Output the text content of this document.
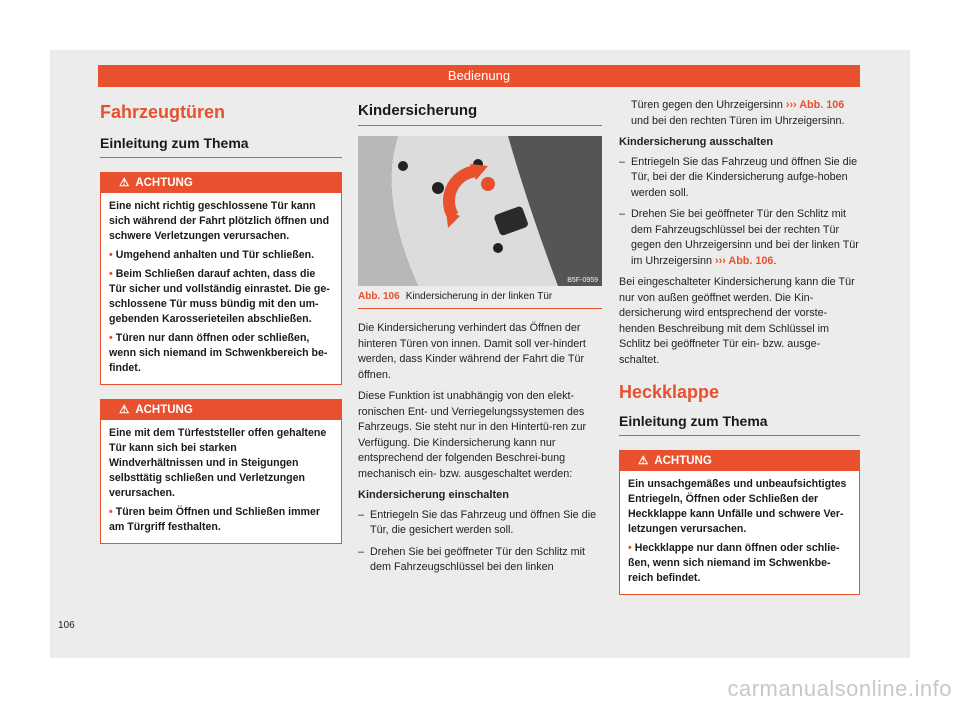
Bedienung
Fahrzeugtüren
Einleitung zum Thema
⚠ ACHTUNG

Eine nicht richtig geschlossene Tür kann sich während der Fahrt plötzlich öffnen und schwere Verletzungen verursachen.

• Umgehend anhalten und Tür schließen.

• Beim Schließen darauf achten, dass die Tür sicher und vollständig einrastet. Die ge-schlossene Tür muss bündig mit den um-gebenden Karosserieteilen abschließen.

• Türen nur dann öffnen oder schließen, wenn sich niemand im Schwenkbereich be-findet.

⚠ ACHTUNG

Eine mit dem Türfeststeller offen gehaltene Tür kann sich bei starken Windverhältnissen und in Steigungen selbsttätig schließen und Verletzungen verursachen.

• Türen beim Öffnen und Schließen immer am Türgriff festhalten.

Kindersicherung
B5F-0959
Abb. 106 Kindersicherung in der linken Tür

Die Kindersicherung verhindert das Öffnen der hinteren Türen von innen. Damit soll ver-hindert werden, dass Kinder während der Fahrt die Tür öffnen.

Diese Funktion ist unabhängig von den elekt-ronischen Ent- und Verriegelungssystemen des Fahrzeugs. Sie steht nur in den Hintertü-ren zur Verfügung. Die Kindersicherung kann nur entsprechend der folgenden Beschrei-bung mechanisch ein- bzw. ausgeschaltet werden:

Kindersicherung einschalten
– Entriegeln Sie das Fahrzeug und öffnen Sie die Tür, die gesichert werden soll.
– Drehen Sie bei geöffneter Tür den Schlitz mit dem Fahrzeugschlüssel bei den linken
Türen gegen den Uhrzeigersinn ››› Abb. 106 und bei den rechten Türen im Uhrzeigersinn.
Kindersicherung ausschalten
– Entriegeln Sie das Fahrzeug und öffnen Sie die Tür, bei der die Kindersicherung aufge-hoben werden soll.
– Drehen Sie bei geöffneter Tür den Schlitz mit dem Fahrzeugschlüssel bei der rechten Tür gegen den Uhrzeigersinn und bei der linken Tür im Uhrzeigersinn ››› Abb. 106.

Bei eingeschalteter Kindersicherung kann die Tür nur von außen geöffnet werden. Die Kin-dersicherung wird entsprechend der vorste-henden Beschreibung mit dem Schlüssel im Schlitz bei geöffneter Tür ein- bzw. ausge-schaltet.

Heckklappe
Einleitung zum Thema
⚠ ACHTUNG

Ein unsachgemäßes und unbeaufsichtigtes Entriegeln, Öffnen oder Schließen der Heckklappe kann Unfälle und schwere Ver-letzungen verursachen.

• Heckklappe nur dann öffnen oder schlie-ßen, wenn sich niemand im Schwenkbe-reich befindet.

106
carmanualsonline.info
